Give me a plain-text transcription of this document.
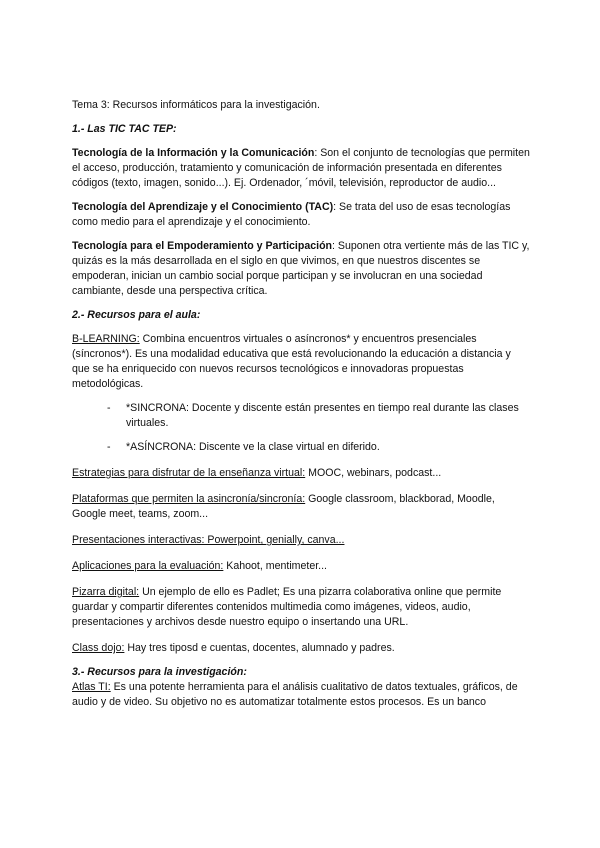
Tema 3: Recursos informáticos para la investigación.

1.- Las TIC TAC TEP:

Tecnología de la Información y la Comunicación: Son el conjunto de tecnologías que permiten el acceso, producción, tratamiento y comunicación de información presentada en diferentes códigos (texto, imagen, sonido...). Ej. Ordenador, ´móvil, televisión, reproductor de audio...

Tecnología del Aprendizaje y el Conocimiento (TAC): Se trata del uso de esas tecnologías como medio para el aprendizaje y el conocimiento.

Tecnología para el Empoderamiento y Participación: Suponen otra vertiente más de las TIC y, quizás es la más desarrollada en el siglo en que vivimos, en que nuestros discentes se empoderan, inician un cambio social porque participan y se involucran en una sociedad cambiante, desde una perspectiva crítica.

2.- Recursos para el aula:

B-LEARNING: Combina encuentros virtuales o asíncronos* y encuentros presenciales (síncronos*). Es una modalidad educativa que está revolucionando la educación a distancia y que se ha enriquecido con nuevos recursos tecnológicos e innovadoras propuestas metodológicas.

- *SINCRONA: Docente y discente están presentes en tiempo real durante las clases virtuales.
- *ASÍNCRONA: Discente ve la clase virtual en diferido.

Estrategias para disfrutar de la enseñanza virtual: MOOC, webinars, podcast...

Plataformas que permiten la asincronía/sincronía: Google classroom, blackborad, Moodle, Google meet, teams, zoom...

Presentaciones interactivas: Powerpoint, genially, canva...

Aplicaciones para la evaluación: Kahoot, mentimeter...

Pizarra digital: Un ejemplo de ello es Padlet; Es una pizarra colaborativa online que permite guardar y compartir diferentes contenidos multimedia como imágenes, videos, audio, presentaciones y archivos desde nuestro equipo o insertando una URL.

Class dojo: Hay tres tiposd e cuentas, docentes, alumnado y padres.

3.- Recursos para la investigación:

Atlas TI: Es una potente herramienta para el análisis cualitativo de datos textuales, gráficos, de audio y de video. Su objetivo no es automatizar totalmente estos procesos. Es un banco
